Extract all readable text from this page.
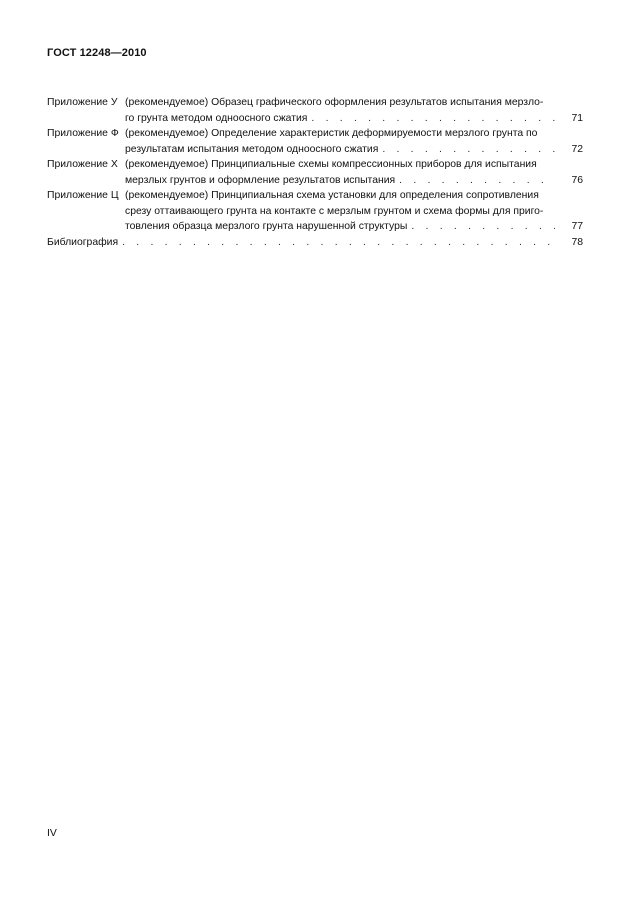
ГОСТ 12248—2010
Приложение У (рекомендуемое) Образец графического оформления результатов испытания мерзло-
го грунта методом одноосного сжатия . . .	71
Приложение Ф (рекомендуемое) Определение характеристик деформируемости мерзлого грунта по
результатам испытания методом одноосного сжатия . . .	72
Приложение Х (рекомендуемое) Принципиальные схемы компрессионных приборов для испытания
мерзлых грунтов и оформление результатов испытания . . .	76
Приложение Ц (рекомендуемое) Принципиальная схема установки для определения сопротивления
срезу оттаивающего грунта на контакте с мерзлым грунтом и схема формы для приго-
товления образца мерзлого грунта нарушенной структуры . . .	77
Библиография . . .	78
IV
